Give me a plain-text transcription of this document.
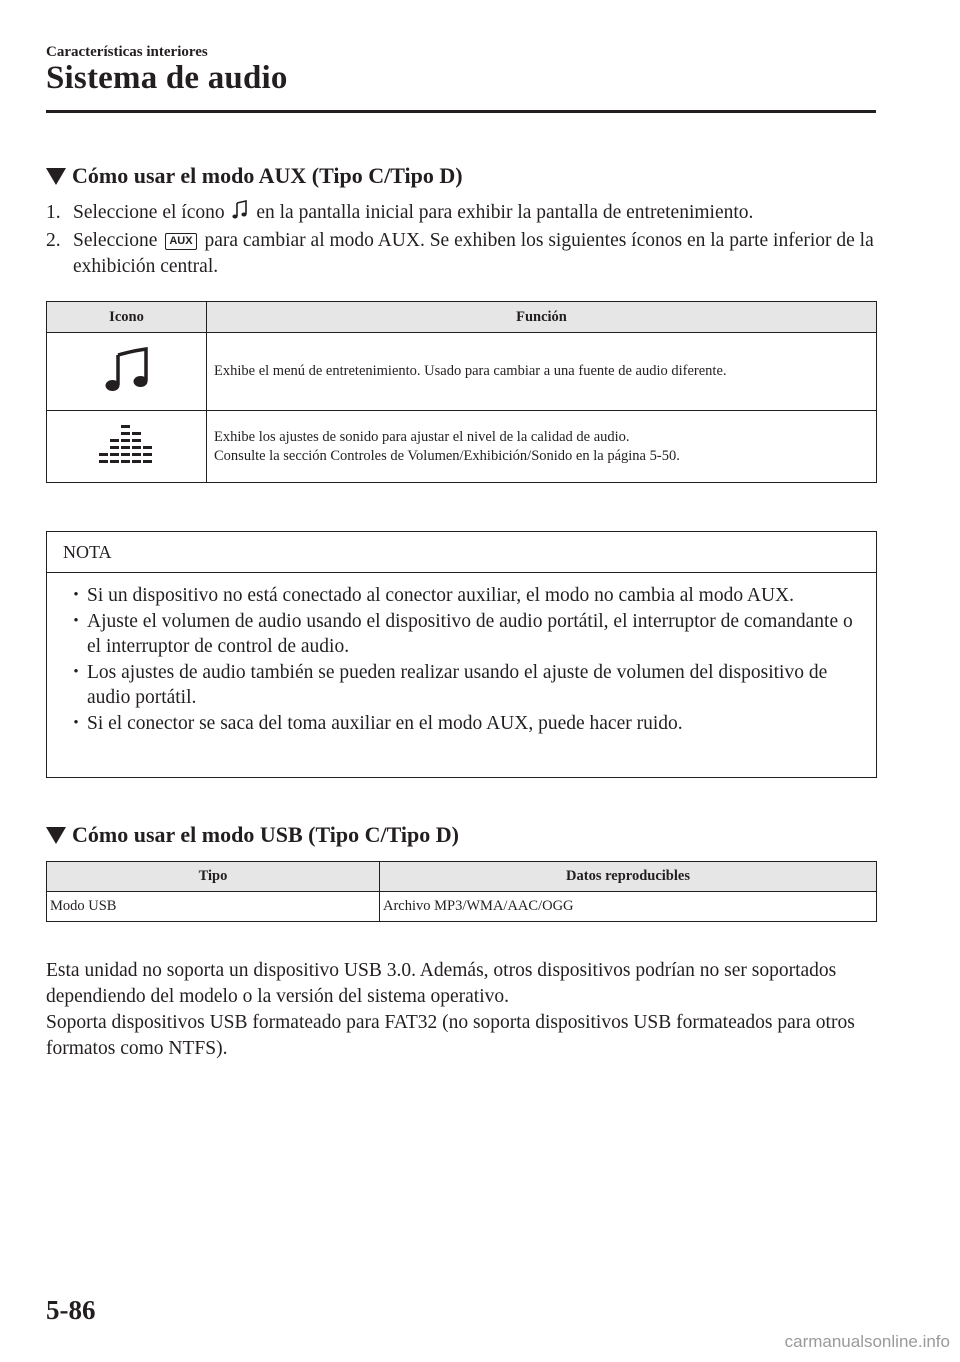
Características interiores
Sistema de audio
Cómo usar el modo AUX (Tipo C/Tipo D)
1. Seleccione el ícono en la pantalla inicial para exhibir la pantalla de entretenimiento.
2. Seleccione AUX para cambiar al modo AUX. Se exhiben los siguientes íconos en la parte inferior de la exhibición central.
Icono	Función

Exhibe el menú de entretenimiento. Usado para cambiar a una fuente de audio diferente.

Exhibe los ajustes de sonido para ajustar el nivel de la calidad de audio.
Consulte la sección Controles de Volumen/Exhibición/Sonido en la página 5-50.
NOTA
• Si un dispositivo no está conectado al conector auxiliar, el modo no cambia al modo AUX.
• Ajuste el volumen de audio usando el dispositivo de audio portátil, el interruptor de comandante o el interruptor de control de audio.
• Los ajustes de audio también se pueden realizar usando el ajuste de volumen del dispositivo de audio portátil.
• Si el conector se saca del toma auxiliar en el modo AUX, puede hacer ruido.
Cómo usar el modo USB (Tipo C/Tipo D)
Tipo	Datos reproducibles
Modo USB	Archivo MP3/WMA/AAC/OGG
Esta unidad no soporta un dispositivo USB 3.0. Además, otros dispositivos podrían no ser soportados dependiendo del modelo o la versión del sistema operativo.
Soporta dispositivos USB formateado para FAT32 (no soporta dispositivos USB formateados para otros formatos como NTFS).
5-86
carmanualsonline.info
